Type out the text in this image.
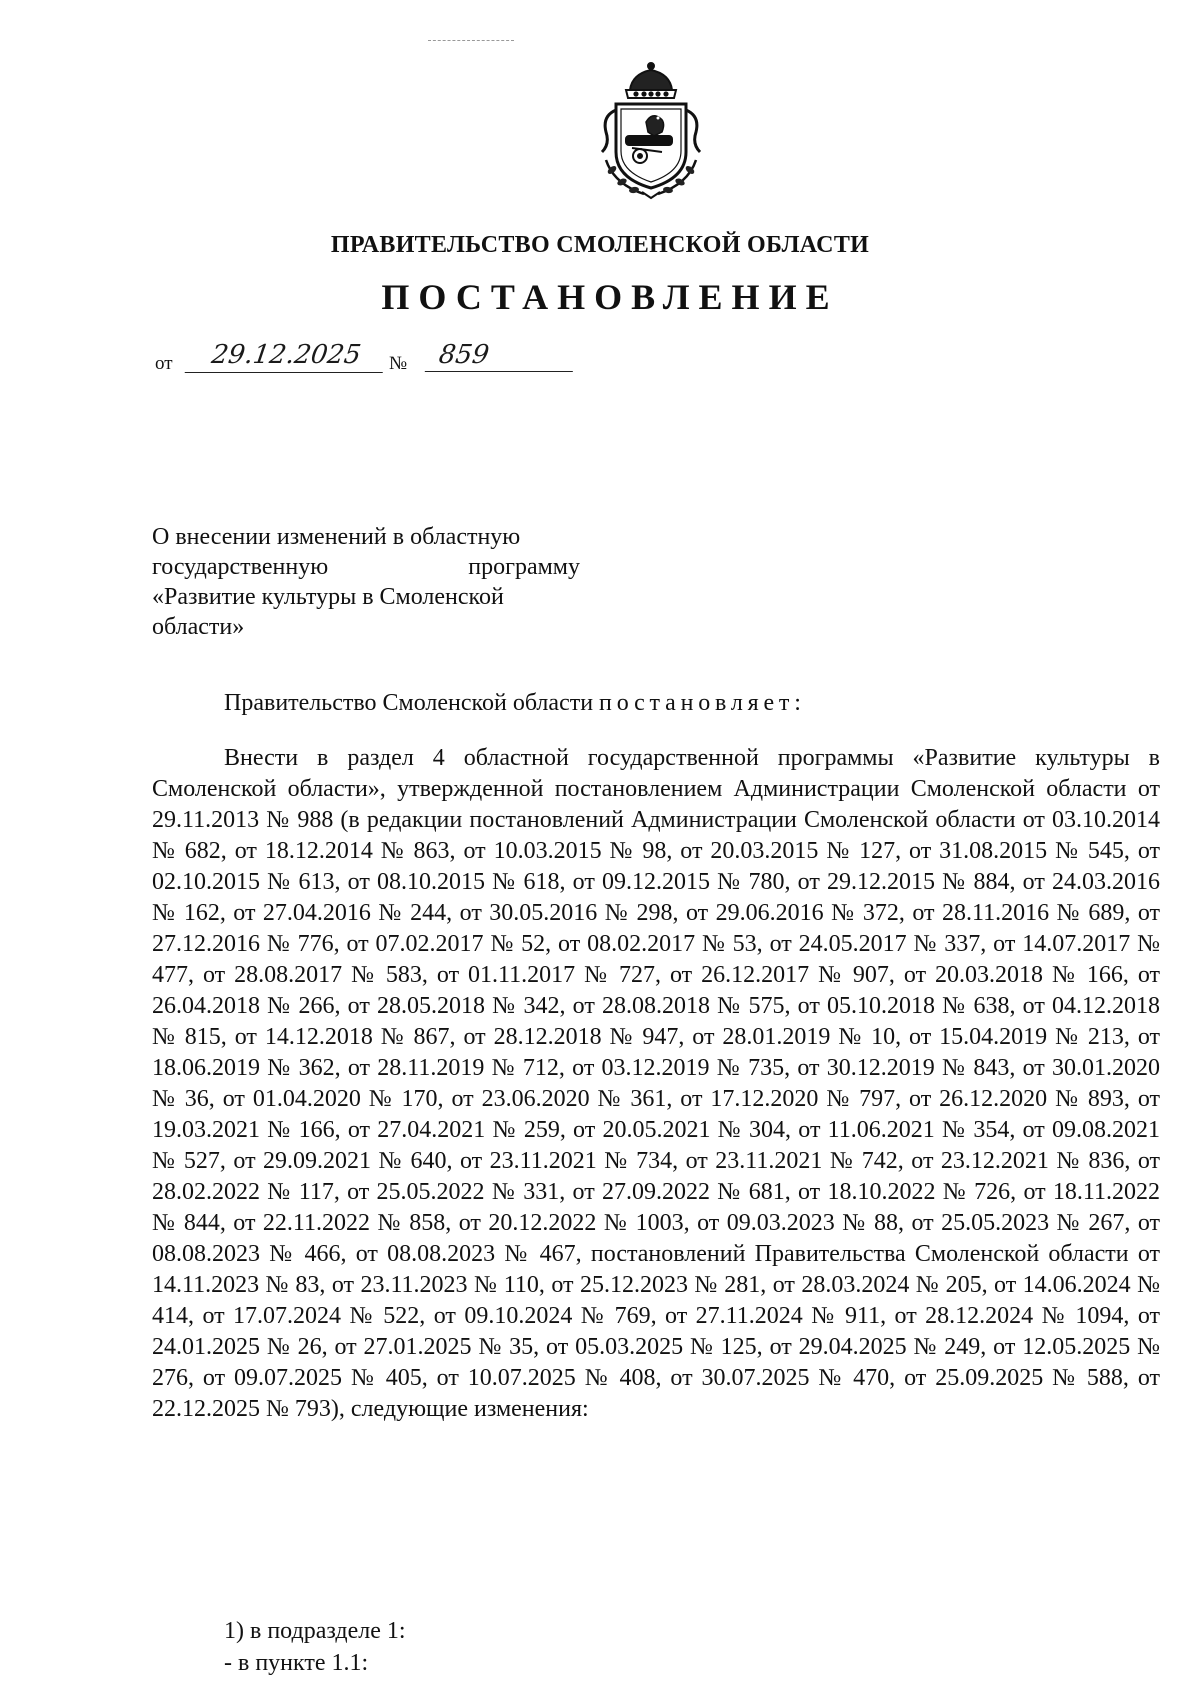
ПРАВИТЕЛЬСТВО СМОЛЕНСКОЙ ОБЛАСТИ
ПОСТАНОВЛЕНИЕ
от	29.12.2025	№	859
О внесении изменений в областную
государственную программу
«Развитие культуры в Смоленской
области»
Правительство Смоленской области постановляет:
Внести в раздел 4 областной государственной программы «Развитие культуры в Смоленской области», утвержденной постановлением Администрации Смоленской области от 29.11.2013 № 988 (в редакции постановлений Администрации Смоленской области от 03.10.2014 № 682, от 18.12.2014 № 863, от 10.03.2015 № 98, от 20.03.2015 № 127, от 31.08.2015 № 545, от 02.10.2015 № 613, от 08.10.2015 № 618, от 09.12.2015 № 780, от 29.12.2015 № 884, от 24.03.2016 № 162, от 27.04.2016 № 244, от 30.05.2016 № 298, от 29.06.2016 № 372, от 28.11.2016 № 689, от 27.12.2016 № 776, от 07.02.2017 № 52, от 08.02.2017 № 53, от 24.05.2017 № 337, от 14.07.2017 № 477, от 28.08.2017 № 583, от 01.11.2017 № 727, от 26.12.2017 № 907, от 20.03.2018 № 166, от 26.04.2018 № 266, от 28.05.2018 № 342, от 28.08.2018 № 575, от 05.10.2018 № 638, от 04.12.2018 № 815, от 14.12.2018 № 867, от 28.12.2018 № 947, от 28.01.2019 № 10, от 15.04.2019 № 213, от 18.06.2019 № 362, от 28.11.2019 № 712, от 03.12.2019 № 735, от 30.12.2019 № 843, от 30.01.2020 № 36, от 01.04.2020 № 170, от 23.06.2020 № 361, от 17.12.2020 № 797, от 26.12.2020 № 893, от 19.03.2021 № 166, от 27.04.2021 № 259, от 20.05.2021 № 304, от 11.06.2021 № 354, от 09.08.2021 № 527, от 29.09.2021 № 640, от 23.11.2021 № 734, от 23.11.2021 № 742, от 23.12.2021 № 836, от 28.02.2022 № 117, от 25.05.2022 № 331, от 27.09.2022 № 681, от 18.10.2022 № 726, от 18.11.2022 № 844, от 22.11.2022 № 858, от 20.12.2022 № 1003, от 09.03.2023 № 88, от 25.05.2023 № 267, от 08.08.2023 № 466, от 08.08.2023 № 467, постановлений Правительства Смоленской области от 14.11.2023 № 83, от 23.11.2023 № 110, от 25.12.2023 № 281, от 28.03.2024 № 205, от 14.06.2024 № 414, от 17.07.2024 № 522, от 09.10.2024 № 769, от 27.11.2024 № 911, от 28.12.2024 № 1094, от 24.01.2025 № 26, от 27.01.2025 № 35, от 05.03.2025 № 125, от 29.04.2025 № 249, от 12.05.2025 № 276, от 09.07.2025 № 405, от 10.07.2025 № 408, от 30.07.2025 № 470, от 25.09.2025 № 588, от 22.12.2025 № 793), следующие изменения:
1) в подразделе 1:
- в пункте 1.1:
